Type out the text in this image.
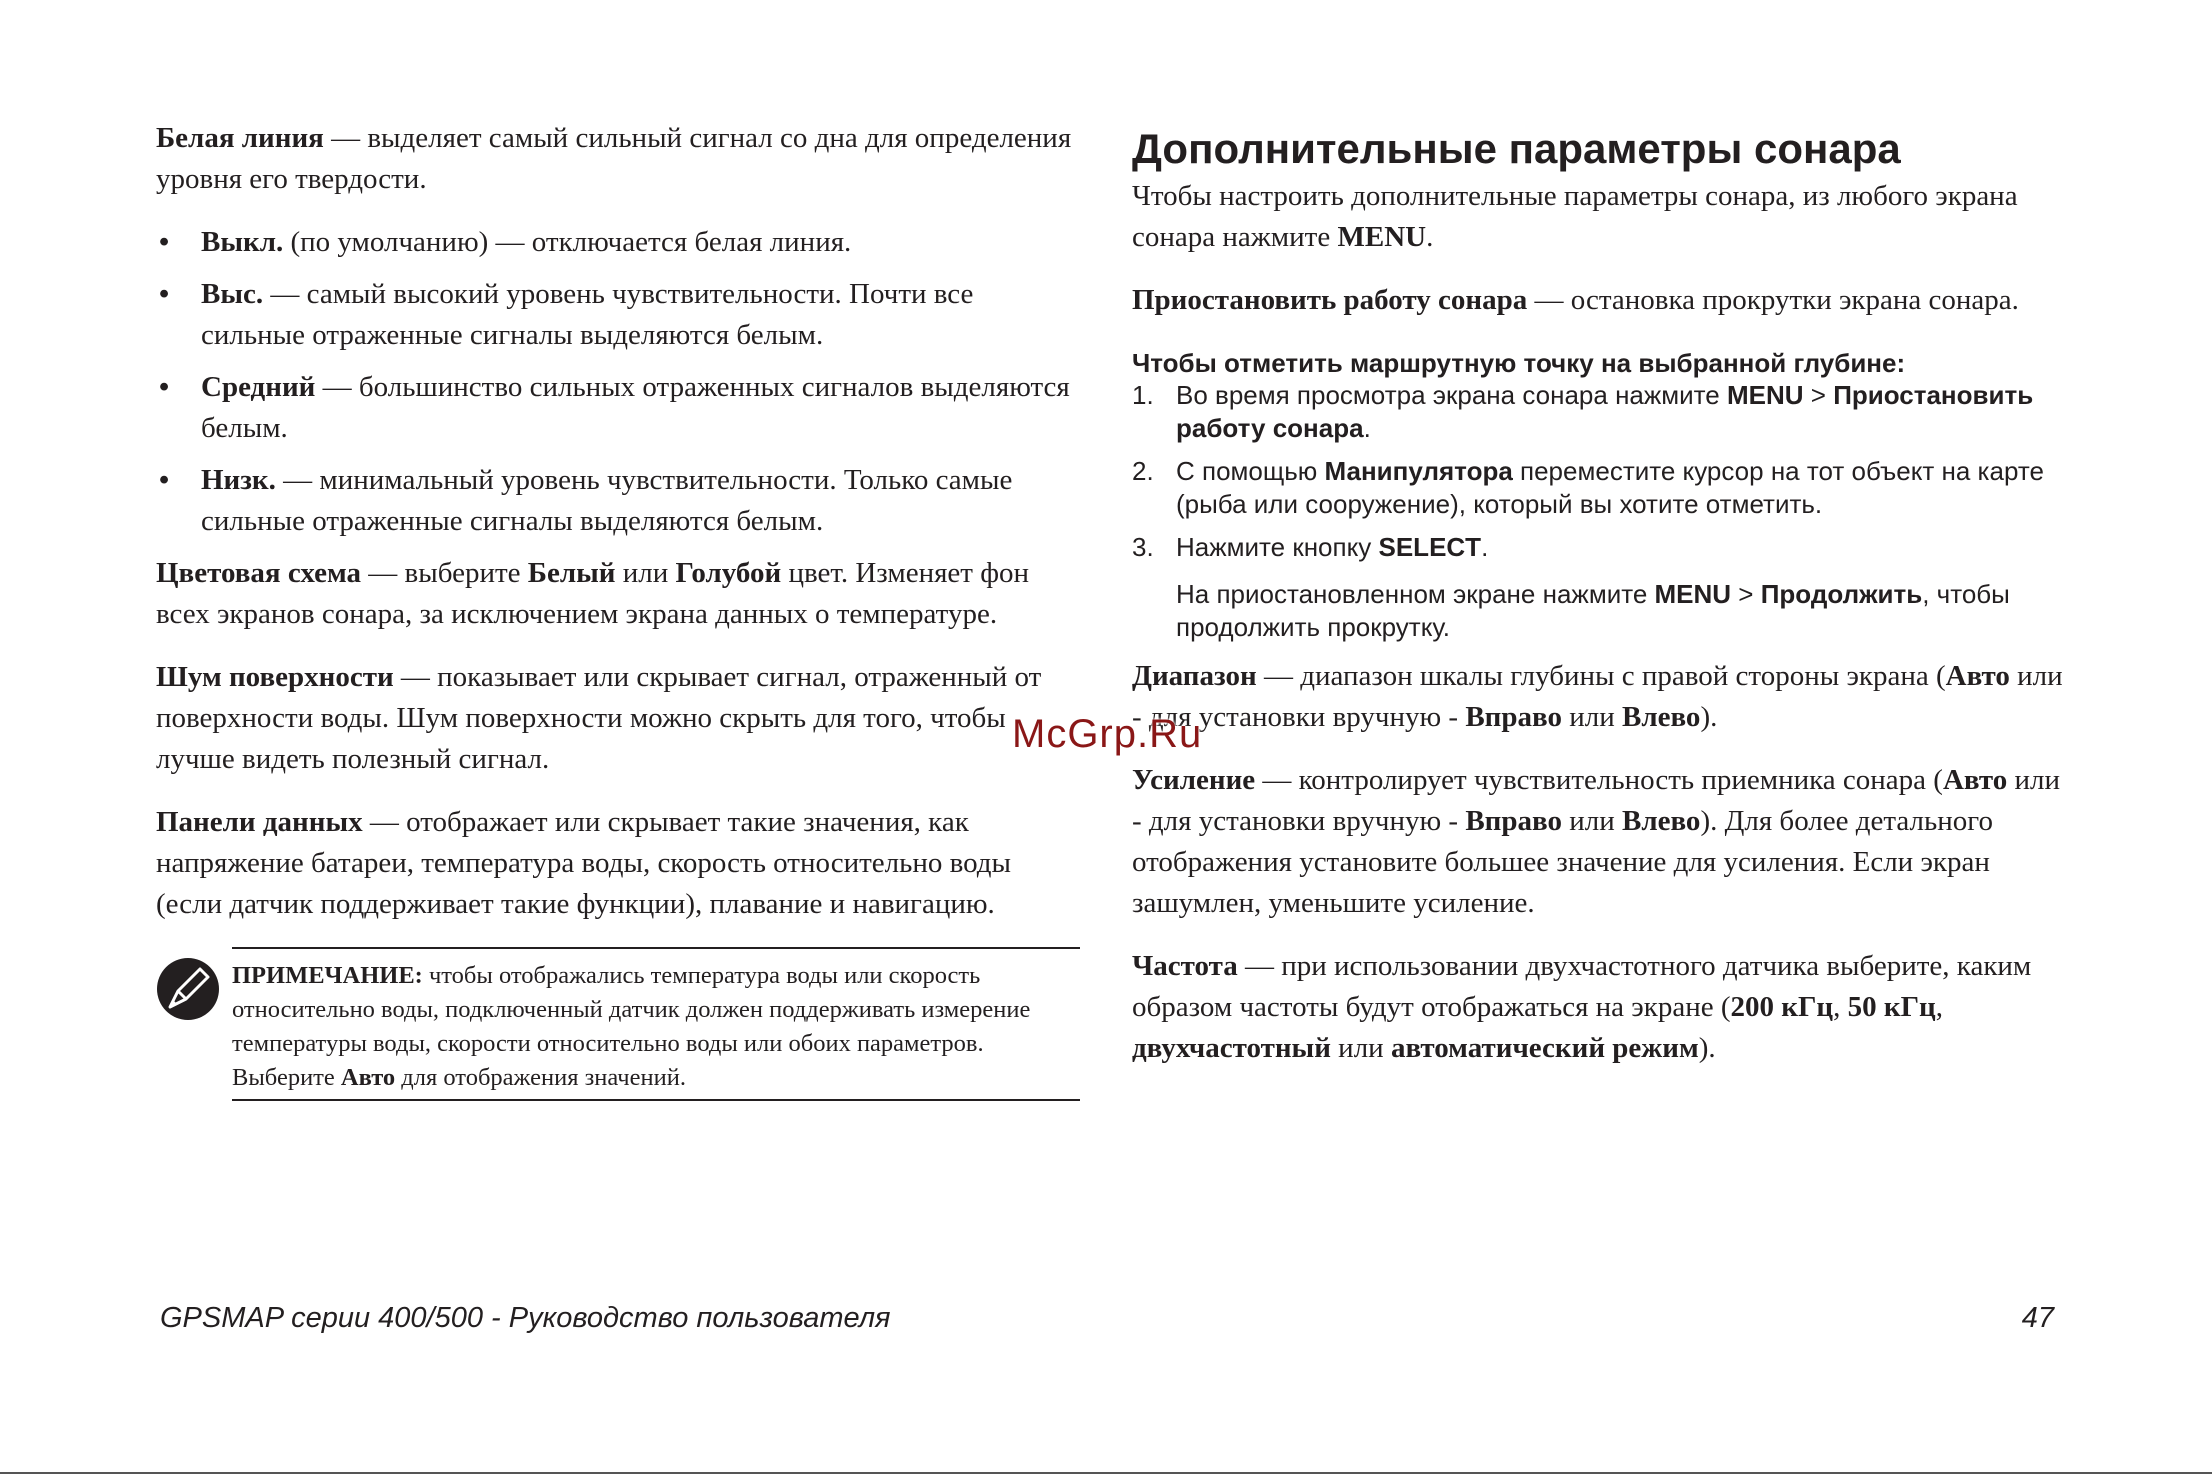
Белая линия — выделяет самый сильный сигнал со дна для определения уровня его твердости.

• Выкл. (по умолчанию) — отключается белая линия.
• Выс. — самый высокий уровень чувствительности. Почти все сильные отраженные сигналы выделяются белым.
• Средний — большинство сильных отраженных сигналов выделяются белым.
• Низк. — минимальный уровень чувствительности. Только самые сильные отраженные сигналы выделяются белым.

Цветовая схема — выберите Белый или Голубой цвет. Изменяет фон всех экранов сонара, за исключением экрана данных о температуре.

Шум поверхности — показывает или скрывает сигнал, отраженный от поверхности воды. Шум поверхности можно скрыть для того, чтобы лучше видеть полезный сигнал.

Панели данных — отображает или скрывает такие значения, как напряжение батареи, температура воды, скорость относительно воды (если датчик поддерживает такие функции), плавание и навигацию.

ПРИМЕЧАНИЕ: чтобы отображались температура воды или скорость относительно воды, подключенный датчик должен поддерживать измерение температуры воды, скорости относительно воды или обоих параметров. Выберите Авто для отображения значений.
Дополнительные параметры сонара

Чтобы настроить дополнительные параметры сонара, из любого экрана сонара нажмите MENU.

Приостановить работу сонара — остановка прокрутки экрана сонара.

Чтобы отметить маршрутную точку на выбранной глубине:
1. Во время просмотра экрана сонара нажмите MENU > Приостановить работу сонара.
2. С помощью Манипулятора переместите курсор на тот объект на карте (рыба или сооружение), который вы хотите отметить.
3. Нажмите кнопку SELECT.
На приостановленном экране нажмите MENU > Продолжить, чтобы продолжить прокрутку.

Диапазон — диапазон шкалы глубины с правой стороны экрана (Авто или - для установки вручную - Вправо или Влево).

Усиление — контролирует чувствительность приемника сонара (Авто или - для установки вручную - Вправо или Влево). Для более детального отображения установите большее значение для усиления. Если экран зашумлен, уменьшите усиление.

Частота — при использовании двухчастотного датчика выберите, каким образом частоты будут отображаться на экране (200 кГц, 50 кГц, двухчастотный или автоматический режим).

McGrp.Ru
GPSMAP серии 400/500 - Руководство пользователя	47
